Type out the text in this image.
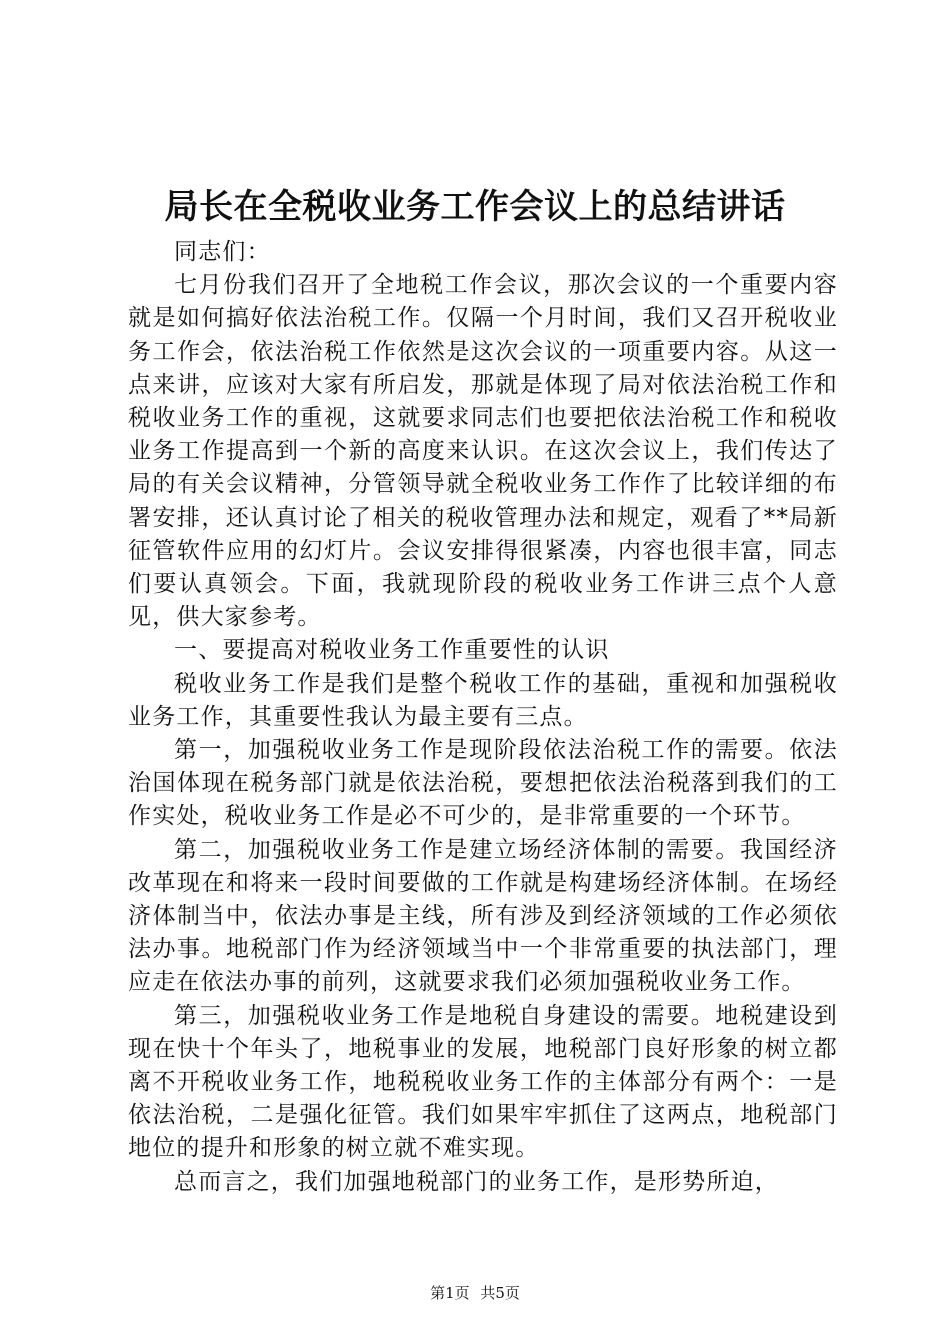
局长在全税收业务工作会议上的总结讲话

同志们：

七月份我们召开了全地税工作会议，那次会议的一个重要内容就是如何搞好依法治税工作。仅隔一个月时间，我们又召开税收业务工作会，依法治税工作依然是这次会议的一项重要内容。从这一点来讲，应该对大家有所启发，那就是体现了局对依法治税工作和税收业务工作的重视，这就要求同志们也要把依法治税工作和税收业务工作提高到一个新的高度来认识。在这次会议上，我们传达了局的有关会议精神，分管领导就全税收业务工作作了比较详细的布署安排，还认真讨论了相关的税收管理办法和规定，观看了**局新征管软件应用的幻灯片。会议安排得很紧凑，内容也很丰富，同志们要认真领会。下面，我就现阶段的税收业务工作讲三点个人意见，供大家参考。

一、要提高对税收业务工作重要性的认识

税收业务工作是我们是整个税收工作的基础，重视和加强税收业务工作，其重要性我认为最主要有三点。

第一，加强税收业务工作是现阶段依法治税工作的需要。依法治国体现在税务部门就是依法治税，要想把依法治税落到我们的工作实处，税收业务工作是必不可少的，是非常重要的一个环节。

第二，加强税收业务工作是建立场经济体制的需要。我国经济改革现在和将来一段时间要做的工作就是构建场经济体制。在场经济体制当中，依法办事是主线，所有涉及到经济领域的工作必须依法办事。地税部门作为经济领域当中一个非常重要的执法部门，理应走在依法办事的前列，这就要求我们必须加强税收业务工作。

第三，加强税收业务工作是地税自身建设的需要。地税建设到现在快十个年头了，地税事业的发展，地税部门良好形象的树立都离不开税收业务工作，地税税收业务工作的主体部分有两个：一是依法治税，二是强化征管。我们如果牢牢抓住了这两点，地税部门地位的提升和形象的树立就不难实现。

总而言之，我们加强地税部门的业务工作，是形势所迫，

第1页 共5页
